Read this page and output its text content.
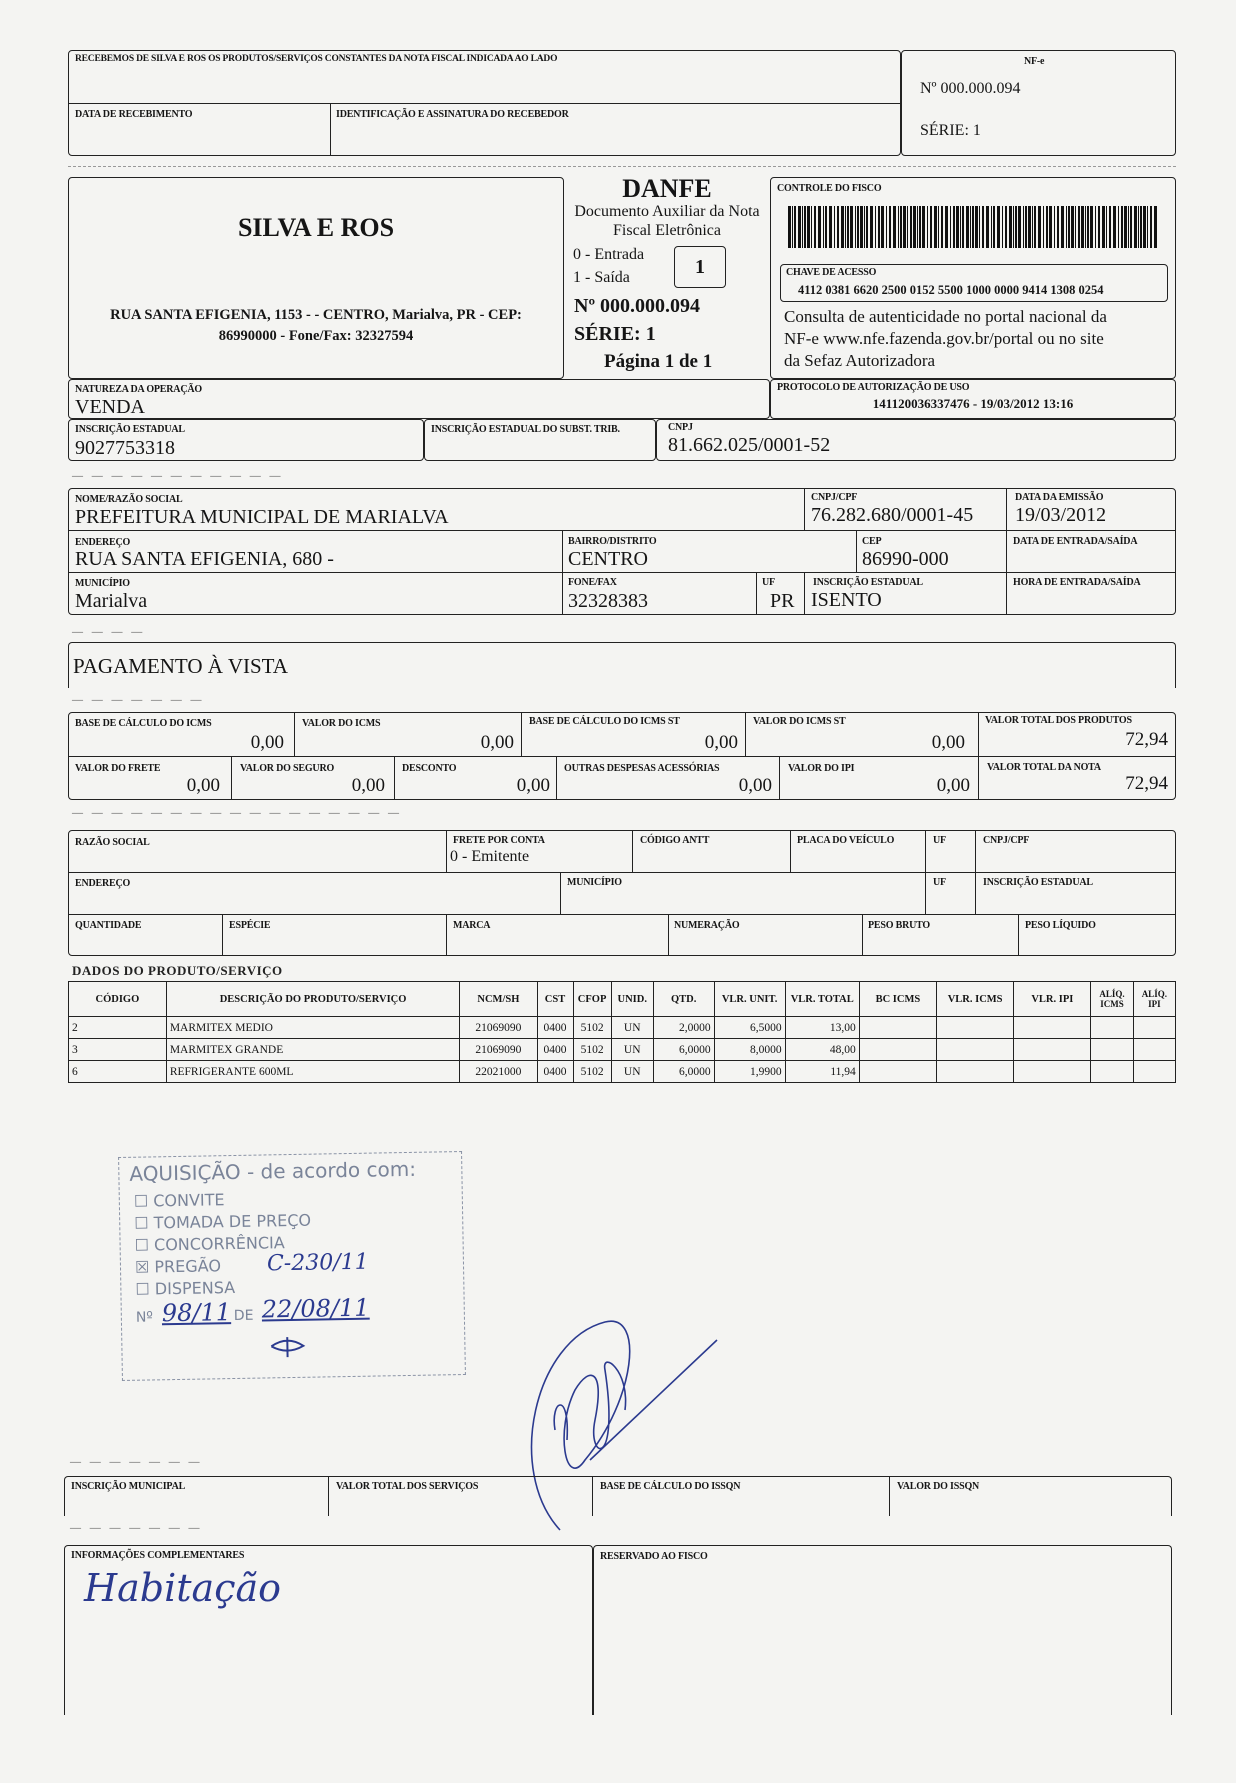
RECEBEMOS DE SILVA E ROS OS PRODUTOS/SERVIÇOS CONSTANTES DA NOTA FISCAL INDICADA AO LADO
DATA DE RECEBIMENTO	IDENTIFICAÇÃO E ASSINATURA DO RECEBEDOR
NF-e
Nº 000.000.094
SÉRIE: 1
SILVA E ROS
RUA SANTA EFIGENIA, 1153 - - CENTRO, Marialva, PR - CEP:
86990000 - Fone/Fax: 32327594
DANFE
Documento Auxiliar da Nota
Fiscal Eletrônica
0 - Entrada
1 - Saída	1
Nº 000.000.094
SÉRIE: 1
Página 1 de 1
CONTROLE DO FISCO
CHAVE DE ACESSO
4112 0381 6620 2500 0152 5500 1000 0000 9414 1308 0254
Consulta de autenticidade no portal nacional da
NF-e www.nfe.fazenda.gov.br/portal ou no site
da Sefaz Autorizadora
NATUREZA DA OPERAÇÃO
VENDA
PROTOCOLO DE AUTORIZAÇÃO DE USO
141120036337476 - 19/03/2012 13:16
INSCRIÇÃO ESTADUAL
9027753318
INSCRIÇÃO ESTADUAL DO SUBST. TRIB.	CNPJ
81.662.025/0001-52
— — — — — — — — — — —
NOME/RAZÃO SOCIAL
PREFEITURA MUNICIPAL DE MARIALVA
CNPJ/CPF
76.282.680/0001-45
DATA DA EMISSÃO
19/03/2012
ENDEREÇO
RUA SANTA EFIGENIA, 680 -
BAIRRO/DISTRITO
CENTRO
CEP
86990-000
DATA DE ENTRADA/SAÍDA
MUNICÍPIO
Marialva
FONE/FAX
32328383
UF
PR
INSCRIÇÃO ESTADUAL
ISENTO
HORA DE ENTRADA/SAÍDA
— — — —
PAGAMENTO À VISTA
— — — — — — —
BASE DE CÁLCULO DO ICMS
0,00
VALOR DO ICMS
0,00
BASE DE CÁLCULO DO ICMS ST
0,00
VALOR DO ICMS ST
0,00
VALOR TOTAL DOS PRODUTOS
72,94
VALOR DO FRETE
0,00
VALOR DO SEGURO
0,00
DESCONTO
0,00
OUTRAS DESPESAS ACESSÓRIAS
0,00
VALOR DO IPI
0,00
VALOR TOTAL DA NOTA
72,94
— — — — — — — — — — — — — — — — —
RAZÃO SOCIAL	FRETE POR CONTA
0 - Emitente
CÓDIGO ANTT	PLACA DO VEÍCULO	UF	CNPJ/CPF
ENDEREÇO	MUNICÍPIO	UF	INSCRIÇÃO ESTADUAL
QUANTIDADE	ESPÉCIE	MARCA	NUMERAÇÃO	PESO BRUTO	PESO LÍQUIDO
DADOS DO PRODUTO/SERVIÇO
CÓDIGO	DESCRIÇÃO DO PRODUTO/SERVIÇO	NCM/SH	CST	CFOP	UNID.	QTD.	VLR. UNIT.	VLR. TOTAL	BC ICMS	VLR. ICMS	VLR. IPI	ALÍQ. ICMS	ALÍQ. IPI
2	MARMITEX MEDIO	21069090	0400	5102	UN	2,0000	6,5000	13,00					
3	MARMITEX GRANDE	21069090	0400	5102	UN	6,0000	8,0000	48,00					
6	REFRIGERANTE 600ML	22021000	0400	5102	UN	6,0000	1,9900	11,94					
AQUISIÇÃO - de acordo com:
☐ CONVITE
☐ TOMADA DE PREÇO
☐ CONCORRÊNCIA
☒ PREGÃO C-230/11
☐ DISPENSA
Nº 98/11 DE 22/08/11
— — — — — — —
INSCRIÇÃO MUNICIPAL	VALOR TOTAL DOS SERVIÇOS	BASE DE CÁLCULO DO ISSQN	VALOR DO ISSQN
— — — — — — —
INFORMAÇÕES COMPLEMENTARES
Habitação
RESERVADO AO FISCO
